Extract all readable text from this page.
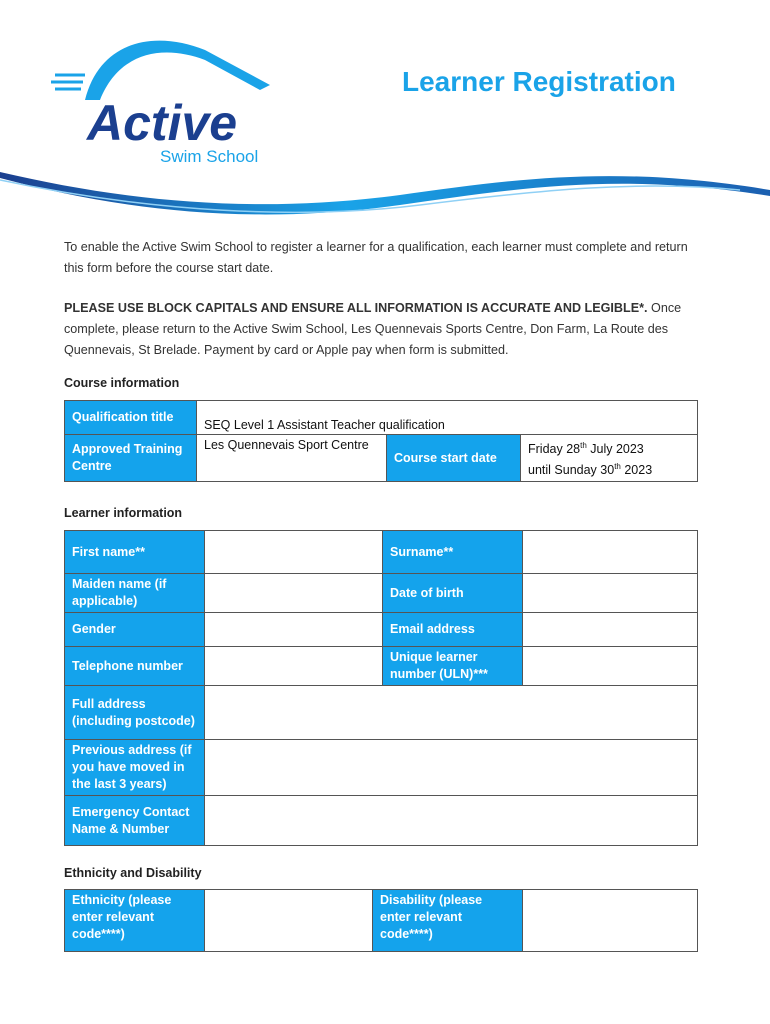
Active
Swim School
Learner Registration
To enable the Active Swim School to register a learner for a qualification, each learner must complete and return this form before the course start date.
PLEASE USE BLOCK CAPITALS AND ENSURE ALL INFORMATION IS ACCURATE AND LEGIBLE*. Once complete, please return to the Active Swim School, Les Quennevais Sports Centre, Don Farm, La Route des Quennevais, St Brelade. Payment by card or Apple pay when form is submitted.
Course information
Qualification title	SEQ Level 1 Assistant Teacher qualification		
Approved Training Centre	Les Quennevais Sport Centre	Course start date	Friday 28th July 2023
until Sunday 30th 2023
Learner information
First name**		Surname**	
Maiden name (if applicable)		Date of birth	
Gender		Email address	
Telephone number		Unique learner number (ULN)***	
Full address (including postcode)			
Previous address (if you have moved in the last 3 years)			
Emergency Contact Name & Number			
Ethnicity and Disability
Ethnicity (please enter relevant code****)		Disability (please enter relevant code****)	
